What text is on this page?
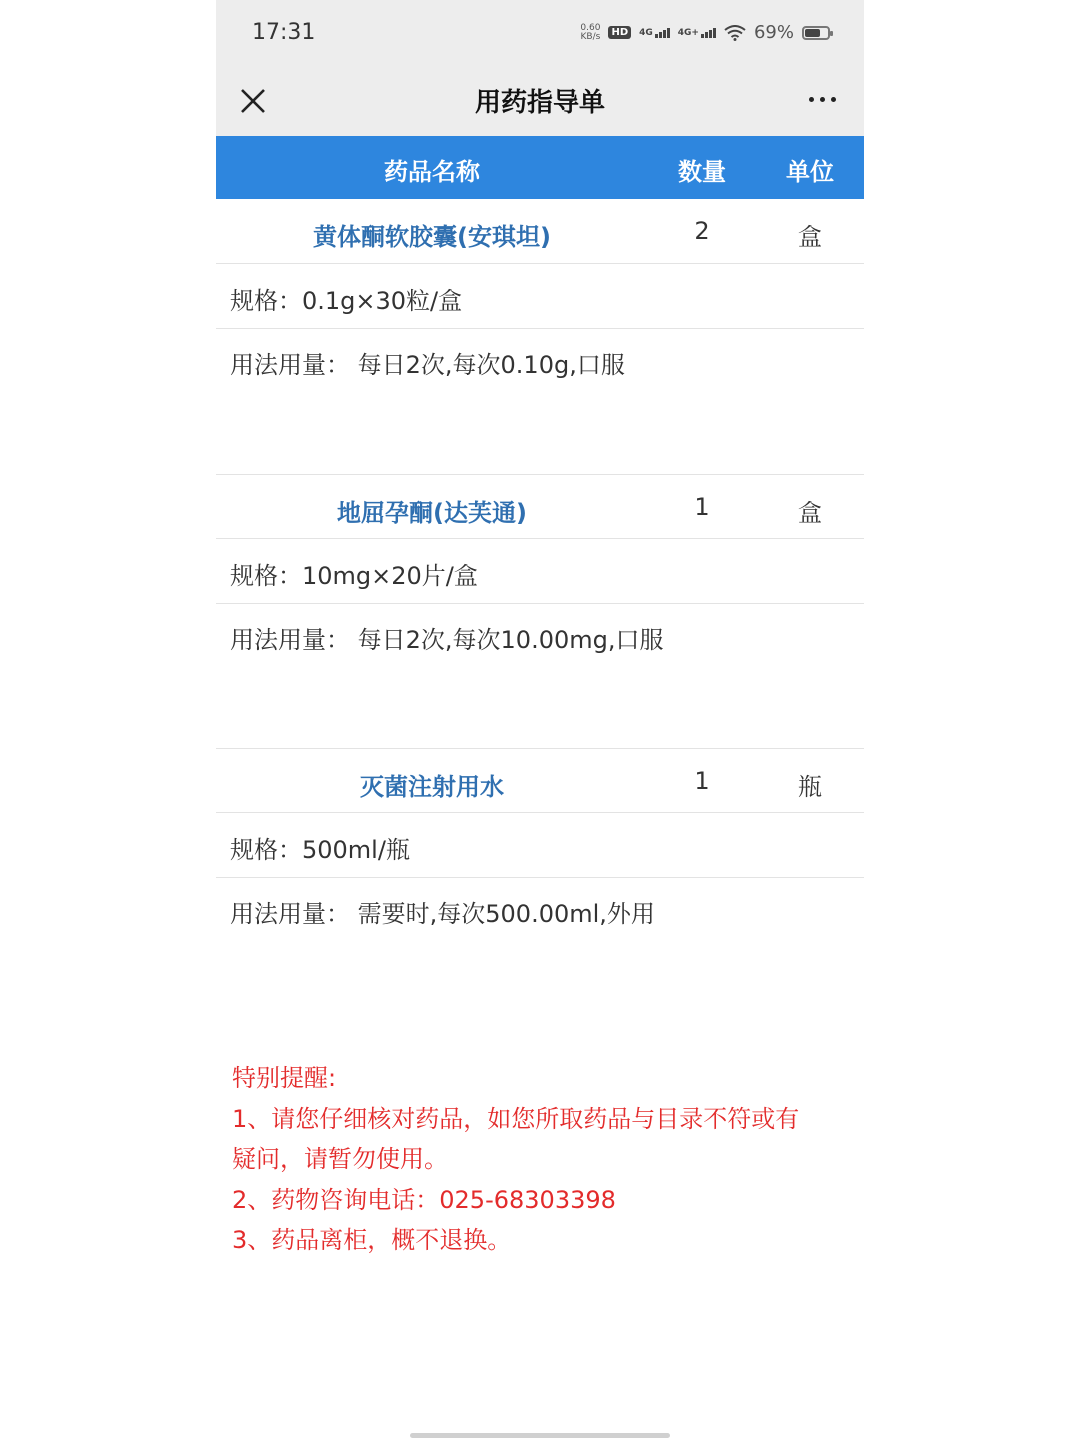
17:31	0.60
KB/s	HD	4G	4G+	69%
用药指导单
药品名称	数量	单位
黄体酮软胶囊(安琪坦)	2	盒
规格：0.1g×30粒/盒
用法用量： 每日2次,每次0.10g,口服
地屈孕酮(达芙通)	1	盒
规格：10mg×20片/盒
用法用量： 每日2次,每次10.00mg,口服
灭菌注射用水	1	瓶
规格：500ml/瓶
用法用量： 需要时,每次500.00ml,外用
特别提醒:
1、请您仔细核对药品，如您所取药品与目录不符或有
疑问，请暂勿使用。
2、药物咨询电话：025-68303398
3、药品离柜，概不退换。
